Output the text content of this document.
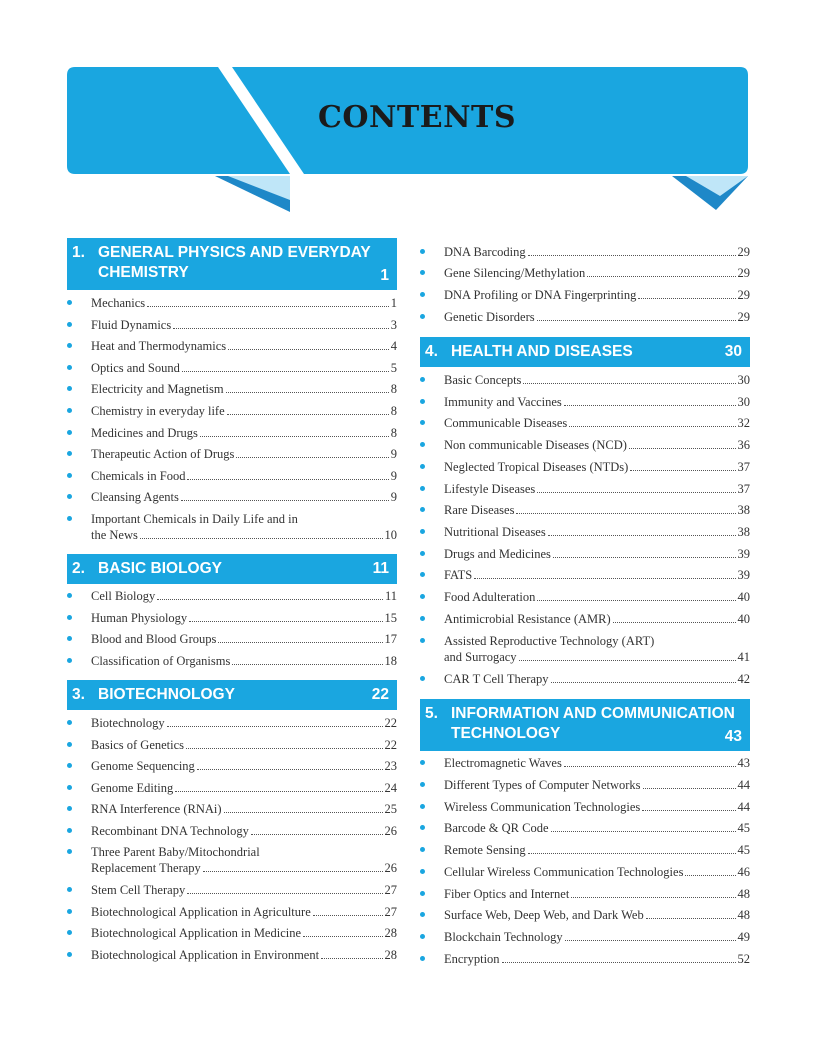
CONTENTS
1. GENERAL PHYSICS AND EVERYDAY
CHEMISTRY	1
Mechanics	1
Fluid Dynamics	3
Heat and Thermodynamics	4
Optics and Sound	5
Electricity and Magnetism	8
Chemistry in everyday life	8
Medicines and Drugs	8
Therapeutic Action of Drugs	9
Chemicals in Food	9
Cleansing Agents	9
Important Chemicals in Daily Life and in
the News	10
2. BASIC BIOLOGY	11
Cell Biology	11
Human Physiology	15
Blood and Blood Groups	17
Classification of Organisms	18
3. BIOTECHNOLOGY	22
Biotechnology	22
Basics of Genetics	22
Genome Sequencing	23
Genome Editing	24
RNA Interference (RNAi)	25
Recombinant DNA Technology	26
Three Parent Baby/Mitochondrial
Replacement Therapy	26
Stem Cell Therapy	27
Biotechnological Application in Agriculture	27
Biotechnological Application in Medicine	28
Biotechnological Application in Environment	28
DNA Barcoding	29
Gene Silencing/Methylation	29
DNA Profiling or DNA Fingerprinting	29
Genetic Disorders	29
4. HEALTH AND DISEASES	30
Basic Concepts	30
Immunity and Vaccines	30
Communicable Diseases	32
Non communicable Diseases (NCD)	36
Neglected Tropical Diseases (NTDs)	37
Lifestyle Diseases	37
Rare Diseases	38
Nutritional Diseases	38
Drugs and Medicines	39
FATS	39
Food Adulteration	40
Antimicrobial Resistance (AMR)	40
Assisted Reproductive Technology (ART)
and Surrogacy	41
CAR T Cell Therapy	42
5. INFORMATION AND COMMUNICATION
TECHNOLOGY	43
Electromagnetic Waves	43
Different Types of Computer Networks	44
Wireless Communication Technologies	44
Barcode & QR Code	45
Remote Sensing	45
Cellular Wireless Communication Technologies	46
Fiber Optics and Internet	48
Surface Web, Deep Web, and Dark Web	48
Blockchain Technology	49
Encryption	52
